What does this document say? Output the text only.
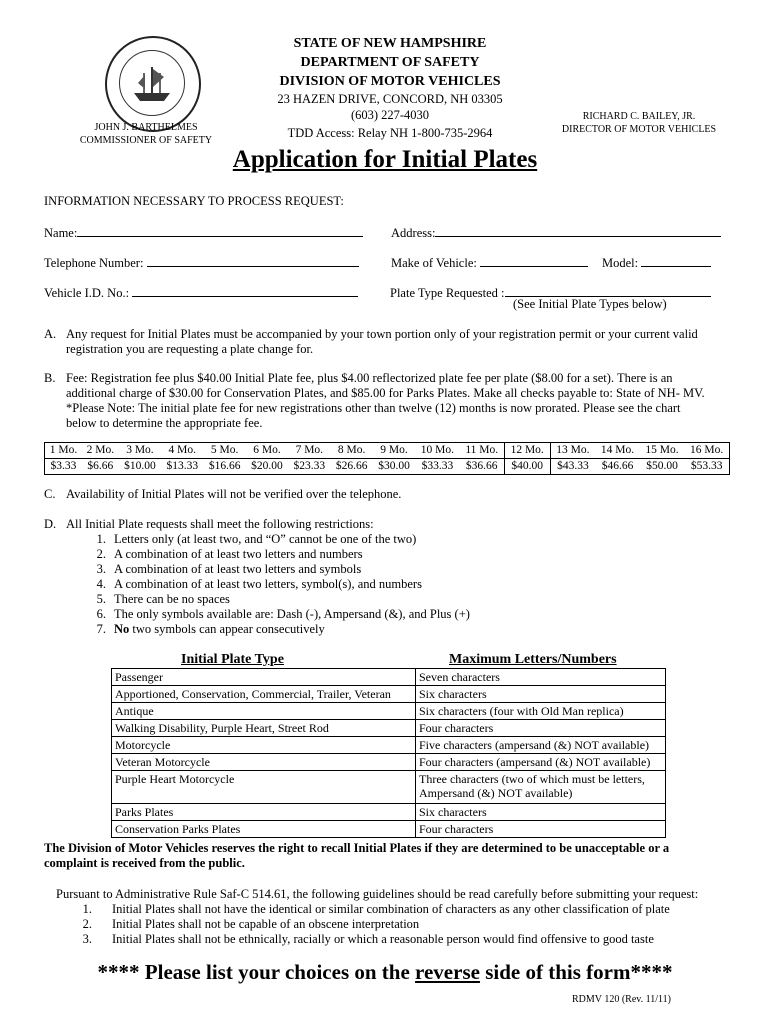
STATE OF NEW HAMPSHIRE
DEPARTMENT OF SAFETY
DIVISION OF MOTOR VEHICLES
23 HAZEN DRIVE, CONCORD, NH 03305
(603) 227-4030
TDD Access: Relay NH 1-800-735-2964
JOHN J. BARTHELMES
COMMISSIONER OF SAFETY
RICHARD C. BAILEY, JR.
DIRECTOR OF MOTOR VEHICLES
Application for Initial Plates
INFORMATION NECESSARY TO PROCESS REQUEST:
Name:	Address:
Telephone Number:	Make of Vehicle:	Model:
Vehicle I.D. No.:	Plate Type Requested :
(See Initial Plate Types below)
A. Any request for Initial Plates must be accompanied by your town portion only of your registration permit or your current valid
registration you are requesting a plate change for.
B. Fee: Registration fee plus $40.00 Initial Plate fee, plus $4.00 reflectorized plate fee per plate ($8.00 for a set). There is an
additional charge of $30.00 for Conservation Plates, and $85.00 for Parks Plates. Make all checks payable to: State of NH- MV.
*Please Note: The initial plate fee for new registrations other than twelve (12) months is now prorated. Please see the chart
below to determine the appropriate fee.
1 Mo.	2 Mo.	3 Mo.	4 Mo.	5 Mo.	6 Mo.	7 Mo.	8 Mo.	9 Mo.	10 Mo.	11 Mo.	12 Mo.	13 Mo.	14 Mo.	15 Mo.	16 Mo.
$3.33	$6.66	$10.00	$13.33	$16.66	$20.00	$23.33	$26.66	$30.00	$33.33	$36.66	$40.00	$43.33	$46.66	$50.00	$53.33
C. Availability of Initial Plates will not be verified over the telephone.
D. All Initial Plate requests shall meet the following restrictions:
1. Letters only (at least two, and “O” cannot be one of the two)
2. A combination of at least two letters and numbers
3. A combination of at least two letters and symbols
4. A combination of at least two letters, symbol(s), and numbers
5. There can be no spaces
6. The only symbols available are: Dash (-), Ampersand (&), and Plus (+)
7. No two symbols can appear consecutively
Initial Plate Type	Maximum Letters/Numbers
Passenger	Seven characters
Apportioned, Conservation, Commercial, Trailer, Veteran	Six characters
Antique	Six characters (four with Old Man replica)
Walking Disability, Purple Heart, Street Rod	Four characters
Motorcycle	Five characters (ampersand (&) NOT available)
Veteran Motorcycle	Four characters (ampersand (&) NOT available)
Purple Heart Motorcycle	Three characters (two of which must be letters,
Ampersand (&) NOT available)

Parks Plates	Six characters
Conservation Parks Plates	Four characters
The Division of Motor Vehicles reserves the right to recall Initial Plates if they are determined to be unacceptable or a
complaint is received from the public.
Pursuant to Administrative Rule Saf-C 514.61, the following guidelines should be read carefully before submitting your request:
1. Initial Plates shall not have the identical or similar combination of characters as any other classification of plate
2. Initial Plates shall not be capable of an obscene interpretation
3. Initial Plates shall not be ethnically, racially or which a reasonable person would find offensive to good taste
**** Please list your choices on the reverse side of this form****
RDMV 120 (Rev. 11/11)
